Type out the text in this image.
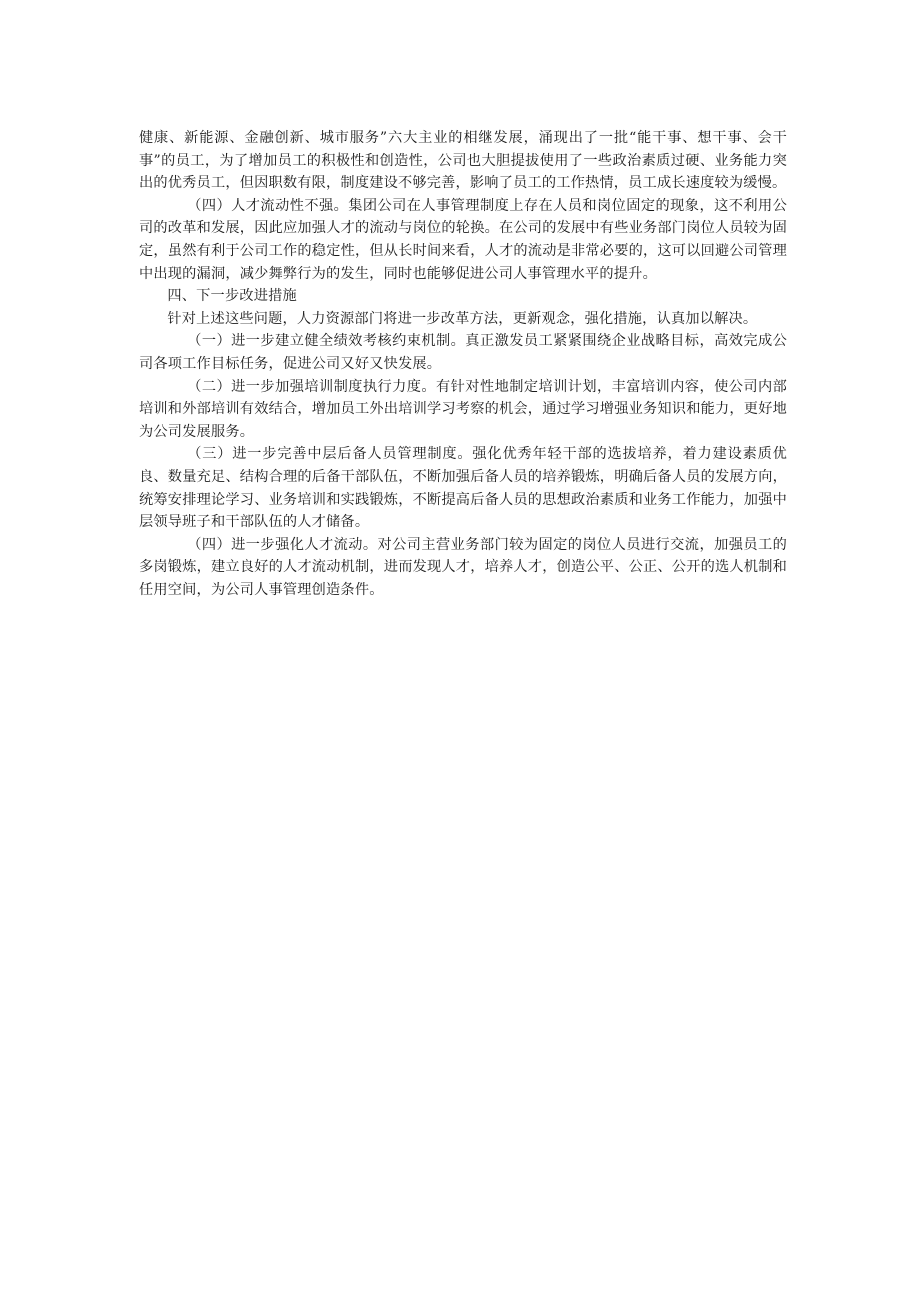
健康、新能源、金融创新、城市服务”六大主业的相继发展，涌现出了一批“能干事、想干事、会干事”的员工，为了增加员工的积极性和创造性，公司也大胆提拔使用了一些政治素质过硬、业务能力突出的优秀员工，但因职数有限，制度建设不够完善，影响了员工的工作热情，员工成长速度较为缓慢。

（四）人才流动性不强。集团公司在人事管理制度上存在人员和岗位固定的现象，这不利用公司的改革和发展，因此应加强人才的流动与岗位的轮换。在公司的发展中有些业务部门岗位人员较为固定，虽然有利于公司工作的稳定性，但从长时间来看，人才的流动是非常必要的，这可以回避公司管理中出现的漏洞，减少舞弊行为的发生，同时也能够促进公司人事管理水平的提升。

四、下一步改进措施

针对上述这些问题，人力资源部门将进一步改革方法，更新观念，强化措施，认真加以解决。

（一）进一步建立健全绩效考核约束机制。真正激发员工紧紧围绕企业战略目标，高效完成公司各项工作目标任务，促进公司又好又快发展。

（二）进一步加强培训制度执行力度。有针对性地制定培训计划，丰富培训内容，使公司内部培训和外部培训有效结合，增加员工外出培训学习考察的机会，通过学习增强业务知识和能力，更好地为公司发展服务。

（三）进一步完善中层后备人员管理制度。强化优秀年轻干部的选拔培养，着力建设素质优良、数量充足、结构合理的后备干部队伍，不断加强后备人员的培养锻炼，明确后备人员的发展方向，统筹安排理论学习、业务培训和实践锻炼，不断提高后备人员的思想政治素质和业务工作能力，加强中层领导班子和干部队伍的人才储备。

（四）进一步强化人才流动。对公司主营业务部门较为固定的岗位人员进行交流，加强员工的多岗锻炼，建立良好的人才流动机制，进而发现人才，培养人才，创造公平、公正、公开的选人机制和任用空间，为公司人事管理创造条件。
